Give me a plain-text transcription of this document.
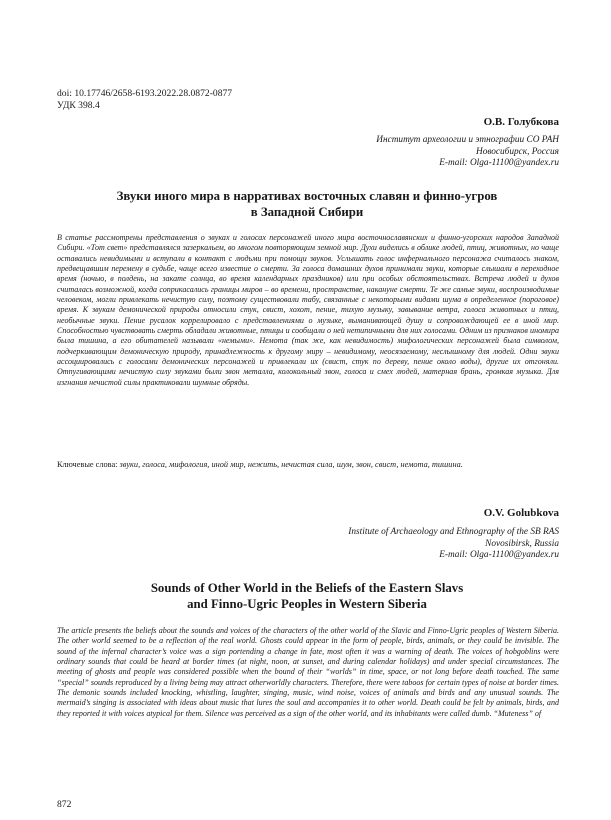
doi: 10.17746/2658-6193.2022.28.0872-0877
УДК 398.4
О.В. Голубкова
Институт археологии и этнографии СО РАН
Новосибирск, Россия
E-mail: Olga-11100@yandex.ru
Звуки иного мира в нарративах восточных славян и финно-угров
в Западной Сибири
В статье рассмотрены представления о звуках и голосах персонажей иного мира восточнославянских и финно-угорских народов Западной Сибири. «Тот свет» представлялся зазеркальем, во многом повторяющим земной мир. Духи виделись в облике людей, птиц, животных, но чаще оставались невидимыми и вступали в контакт с людьми при помощи звуков. Услышать голос инфернального персонажа считалось знаком, предвещавшим перемену в судьбе, чаще всего известие о смерти. За голоса домашних духов принимали звуки, которые слышали в переходное время (ночью, в полдень, на закате солнца, во время календарных праздников) или при особых обстоятельствах. Встреча людей и духов считалась возможной, когда соприкасались границы миров – во времени, пространстве, накануне смерти. Те же самые звуки, воспроизводимые человеком, могли привлекать нечистую силу, поэтому существовали табу, связанные с некоторыми видами шума в определенное (пороговое) время. К звукам демонической природы относили стук, свист, хохот, пение, тихую музыку, завывание ветра, голоса животных и птиц, необычные звуки. Пение русалок коррелировало с представлениями о музыке, выманивающей душу и сопровождающей ее в иной мир. Способностью чувствовать смерть обладали животные, птицы и сообщали о ней нетипичными для них голосами. Одним из признаков иномира была тишина, а его обитателей называли «немыми». Немота (так же, как невидимость) мифологических персонажей была символом, подчеркивающим демоническую природу, принадлежность к другому миру – невидимому, неосязаемому, неслышному для людей. Одни звуки ассоциировались с голосами демонических персонажей и привлекали их (свист, стук по дереву, пение около воды), другие их отгоняли. Отпугивающими нечистую силу звуками были звон металла, колокольный звон, голоса и смех людей, матерная брань, громкая музыка. Для изгнания нечистой силы практиковали шумные обряды.
Ключевые слова: звуки, голоса, мифология, иной мир, нежить, нечистая сила, шум, звон, свист, немота, тишина.
O.V. Golubkova
Institute of Archaeology and Ethnography of the SB RAS
Novosibirsk, Russia
E-mail: Olga-11100@yandex.ru
Sounds of Other World in the Beliefs of the Eastern Slavs
and Finno-Ugric Peoples in Western Siberia
The article presents the beliefs about the sounds and voices of the characters of the other world of the Slavic and Finno-Ugric peoples of Western Siberia. The other world seemed to be a reflection of the real world. Ghosts could appear in the form of people, birds, animals, or they could be invisible. The sound of the infernal character’s voice was a sign portending a change in fate, most often it was a warning of death. The voices of hobgoblins were ordinary sounds that could be heard at border times (at night, noon, at sunset, and during calendar holidays) and under special circumstances. The meeting of ghosts and people was considered possible when the bound of their “worlds” in time, space, or not long before death touched. The same “special” sounds reproduced by a living being may attract otherworldly characters. Therefore, there were taboos for certain types of noise at border times. The demonic sounds included knocking, whistling, laughter, singing, music, wind noise, voices of animals and birds and any unusual sounds. The mermaid’s singing is associated with ideas about music that lures the soul and accompanies it to other world. Death could be felt by animals, birds, and they reported it with voices atypical for them. Silence was perceived as a sign of the other world, and its inhabitants were called dumb. “Muteness” of
872
